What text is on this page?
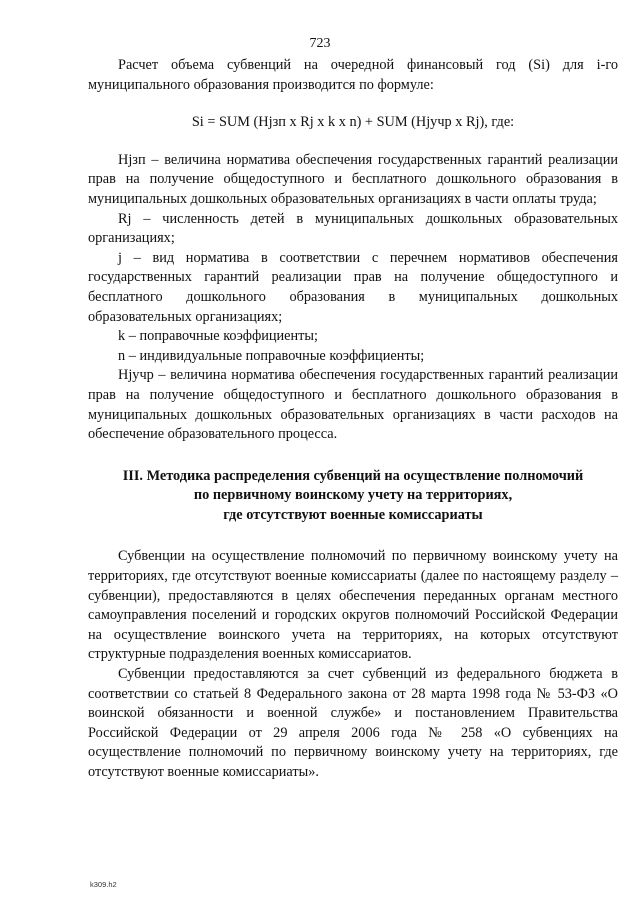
723

Расчет объема субвенций на очередной финансовый год (Si) для i-го муниципального образования производится по формуле:

Si = SUM (Hjзп x Rj x k x n) + SUM (Hjучр x Rj), где:

Hjзп – величина норматива обеспечения государственных гарантий реализации прав на получение общедоступного и бесплатного дошкольного образования в муниципальных дошкольных образовательных организациях в части оплаты труда;

Rj – численность детей в муниципальных дошкольных образовательных организациях;

j – вид норматива в соответствии с перечнем нормативов обеспечения государственных гарантий реализации прав на получение общедоступного и бесплатного дошкольного образования в муниципальных дошкольных образовательных организациях;

k – поправочные коэффициенты;

n – индивидуальные поправочные коэффициенты;

Hjучр – величина норматива обеспечения государственных гарантий реализации прав на получение общедоступного и бесплатного дошкольного образования в муниципальных дошкольных образовательных организациях в части расходов на обеспечение образовательного процесса.

III. Методика распределения субвенций на осуществление полномочий
по первичному воинскому учету на территориях,
где отсутствуют военные комиссариаты

Субвенции на осуществление полномочий по первичному воинскому учету на территориях, где отсутствуют военные комиссариаты (далее по настоящему разделу – субвенции), предоставляются в целях обеспечения переданных органам местного самоуправления поселений и городских округов полномочий Российской Федерации на осуществление воинского учета на территориях, на которых отсутствуют структурные подразделения военных комиссариатов.

Субвенции предоставляются за счет субвенций из федерального бюджета в соответствии со статьей 8 Федерального закона от 28 марта 1998 года № 53-ФЗ «О воинской обязанности и военной службе» и постановлением Правительства Российской Федерации от 29 апреля 2006 года № 258 «О субвенциях на осуществление полномочий по первичному воинскому учету на территориях, где отсутствуют военные комиссариаты».

k309.h2
